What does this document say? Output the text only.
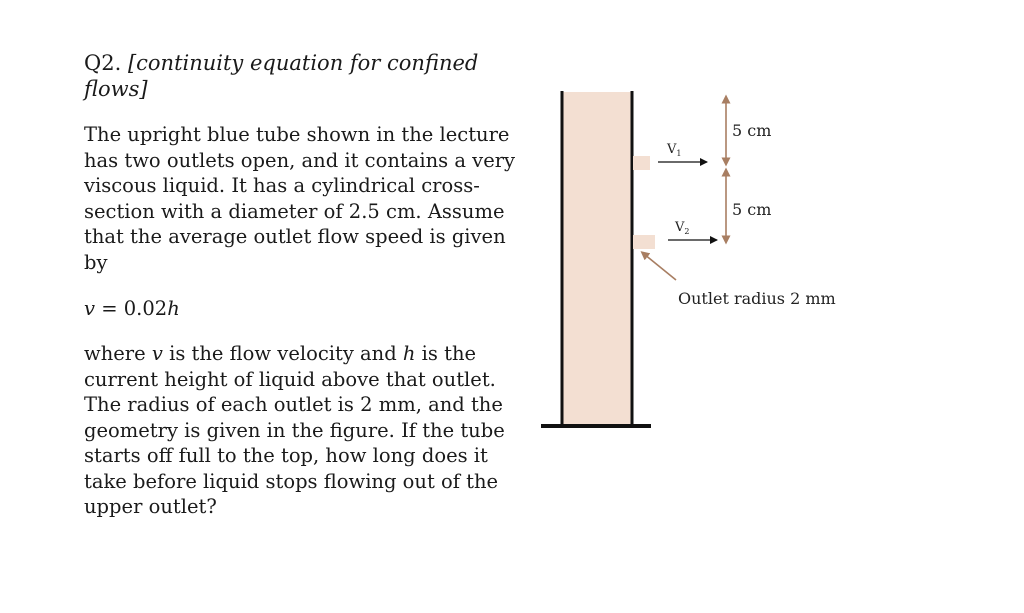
Q2. [continuity equation for confined flows]

The upright blue tube shown in the lecture has two outlets open, and it contains a very viscous liquid. It has a cylindrical cross-section with a diameter of 2.5 cm. Assume that the average outlet flow speed is given by

v = 0.02h

where v is the flow velocity and h is the current height of liquid above that outlet. The radius of each outlet is 2 mm, and the geometry is given in the figure. If the tube starts off full to the top, how long does it take before liquid stops flowing out of the upper outlet?

$V_1$
$V_2$
5 cm
5 cm
Outlet radius 2 mm
